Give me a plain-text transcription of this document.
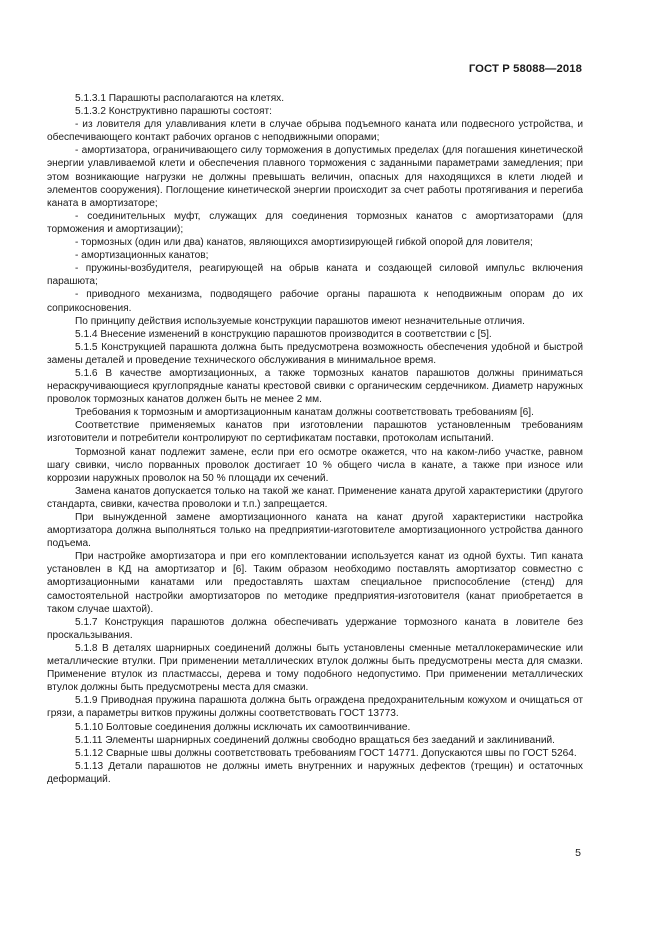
ГОСТ Р 58088—2018

5.1.3.1 Парашюты располагаются на клетях.

5.1.3.2 Конструктивно парашюты состоят:

- из ловителя для улавливания клети в случае обрыва подъемного каната или подвесного устройства, и обеспечивающего контакт рабочих органов с неподвижными опорами;

- амортизатора, ограничивающего силу торможения в допустимых пределах (для погашения кинетической энергии улавливаемой клети и обеспечения плавного торможения с заданными параметрами замедления; при этом возникающие нагрузки не должны превышать величин, опасных для находящихся в клети людей и элементов сооружения). Поглощение кинетической энергии происходит за счет работы протягивания и перегиба каната в амортизаторе;

- соединительных муфт, служащих для соединения тормозных канатов с амортизаторами (для торможения и амортизации);

- тормозных (один или два) канатов, являющихся амортизирующей гибкой опорой для ловителя;

- амортизационных канатов;

- пружины-возбудителя, реагирующей на обрыв каната и создающей силовой импульс включения парашюта;

- приводного механизма, подводящего рабочие органы парашюта к неподвижным опорам до их соприкосновения.

По принципу действия используемые конструкции парашютов имеют незначительные отличия.

5.1.4 Внесение изменений в конструкцию парашютов производится в соответствии с [5].

5.1.5 Конструкцией парашюта должна быть предусмотрена возможность обеспечения удобной и быстрой замены деталей и проведение технического обслуживания в минимальное время.

5.1.6 В качестве амортизационных, а также тормозных канатов парашютов должны приниматься нераскручивающиеся круглопрядные канаты крестовой свивки с органическим сердечником. Диаметр наружных проволок тормозных канатов должен быть не менее 2 мм.

Требования к тормозным и амортизационным канатам должны соответствовать требованиям [6].

Соответствие применяемых канатов при изготовлении парашютов установленным требованиям изготовители и потребители контролируют по сертификатам поставки, протоколам испытаний.

Тормозной канат подлежит замене, если при его осмотре окажется, что на каком-либо участке, равном шагу свивки, число порванных проволок достигает 10 % общего числа в канате, а также при износе или коррозии наружных проволок на 50 % площади их сечений.

Замена канатов допускается только на такой же канат. Применение каната другой характеристики (другого стандарта, свивки, качества проволоки и т.п.) запрещается.

При вынужденной замене амортизационного каната на канат другой характеристики настройка амортизатора должна выполняться только на предприятии-изготовителе амортизационного устройства данного подъема.

При настройке амортизатора и при его комплектовании используется канат из одной бухты. Тип каната установлен в КД на амортизатор и [6]. Таким образом необходимо поставлять амортизатор совместно с амортизационными канатами или предоставлять шахтам специальное приспособление (стенд) для самостоятельной настройки амортизаторов по методике предприятия-изготовителя (канат приобретается в таком случае шахтой).

5.1.7 Конструкция парашютов должна обеспечивать удержание тормозного каната в ловителе без проскальзывания.

5.1.8 В деталях шарнирных соединений должны быть установлены сменные металлокерамические или металлические втулки. При применении металлических втулок должны быть предусмотрены места для смазки. Применение втулок из пластмассы, дерева и тому подобного недопустимо. При применении металлических втулок должны быть предусмотрены места для смазки.

5.1.9 Приводная пружина парашюта должна быть ограждена предохранительным кожухом и очищаться от грязи, а параметры витков пружины должны соответствовать ГОСТ 13773.

5.1.10 Болтовые соединения должны исключать их самоотвинчивание.

5.1.11 Элементы шарнирных соединений должны свободно вращаться без заеданий и заклиниваний.

5.1.12 Сварные швы должны соответствовать требованиям ГОСТ 14771. Допускаются швы по ГОСТ 5264.

5.1.13 Детали парашютов не должны иметь внутренних и наружных дефектов (трещин) и остаточных деформаций.

5
